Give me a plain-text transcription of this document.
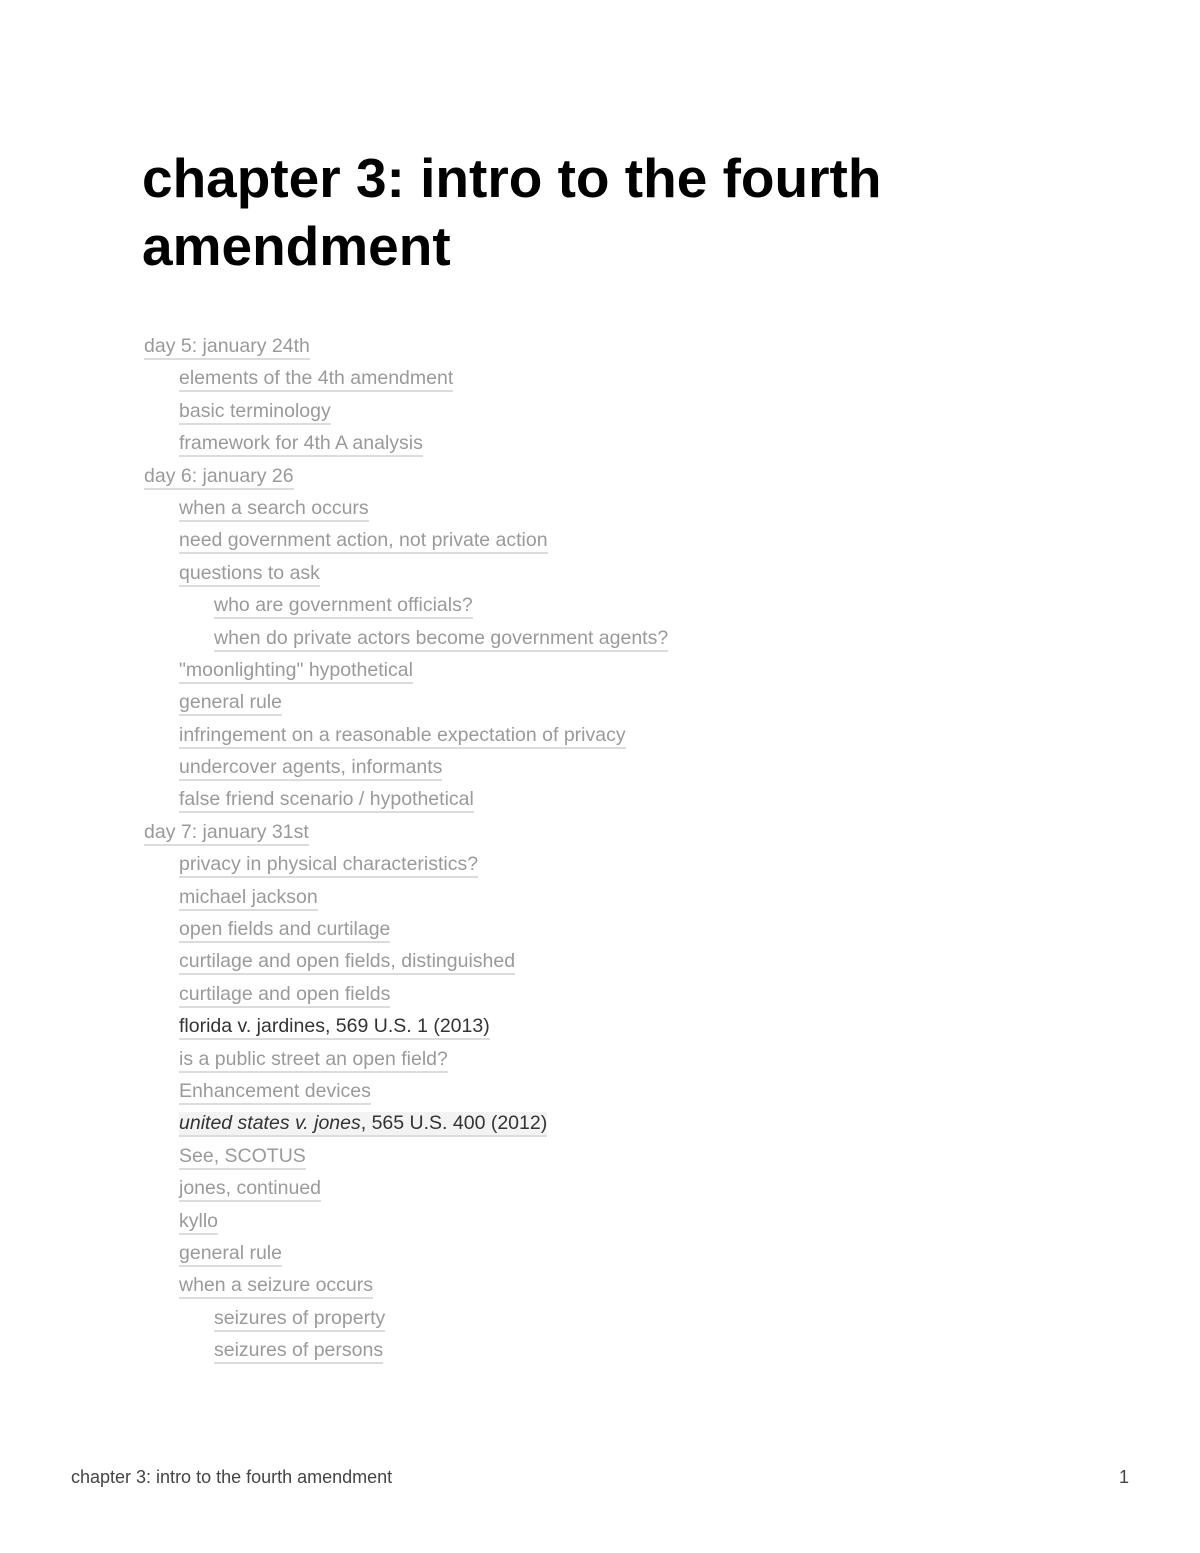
chapter 3: intro to the fourth amendment
day 5: january 24th
elements of the 4th amendment
basic terminology
framework for 4th A analysis
day 6: january 26
when a search occurs
need government action, not private action
questions to ask
who are government officials?
when do private actors become government agents?
"moonlighting" hypothetical
general rule
infringement on a reasonable expectation of privacy
undercover agents, informants
false friend scenario / hypothetical
day 7: january 31st
privacy in physical characteristics?
michael jackson
open fields and curtilage
curtilage and open fields, distinguished
curtilage and open fields
florida v. jardines, 569 U.S. 1 (2013)
is a public street an open field?
Enhancement devices
united states v. jones, 565 U.S. 400 (2012)
See, SCOTUS
jones, continued
kyllo
general rule
when a seizure occurs
seizures of property
seizures of persons
chapter 3: intro to the fourth amendment	1
